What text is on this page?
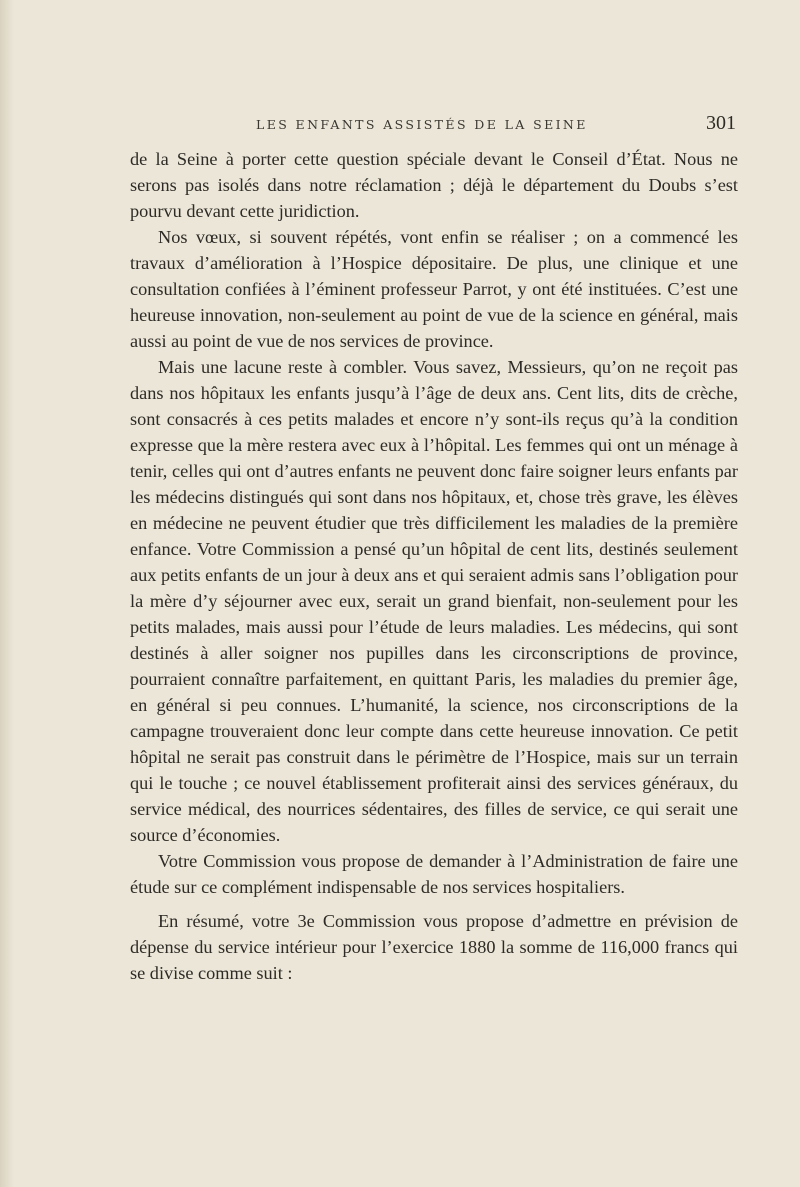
LES ENFANTS ASSISTÉS DE LA SEINE	301

de la Seine à porter cette question spéciale devant le Conseil d’État. Nous ne serons pas isolés dans notre réclamation ; déjà le département du Doubs s’est pourvu devant cette juridiction.

Nos vœux, si souvent répétés, vont enfin se réaliser ; on a commencé les travaux d’amélioration à l’Hospice dépositaire. De plus, une clinique et une consultation confiées à l’éminent professeur Parrot, y ont été instituées. C’est une heureuse innovation, non-seulement au point de vue de la science en général, mais aussi au point de vue de nos services de province.

Mais une lacune reste à combler. Vous savez, Messieurs, qu’on ne reçoit pas dans nos hôpitaux les enfants jusqu’à l’âge de deux ans. Cent lits, dits de crèche, sont consacrés à ces petits malades et encore n’y sont-ils reçus qu’à la condition expresse que la mère restera avec eux à l’hôpital. Les femmes qui ont un ménage à tenir, celles qui ont d’autres enfants ne peuvent donc faire soigner leurs enfants par les médecins distingués qui sont dans nos hôpitaux, et, chose très grave, les élèves en médecine ne peuvent étudier que très difficilement les maladies de la première enfance. Votre Commission a pensé qu’un hôpital de cent lits, destinés seulement aux petits enfants de un jour à deux ans et qui seraient admis sans l’obligation pour la mère d’y séjourner avec eux, serait un grand bienfait, non-seulement pour les petits malades, mais aussi pour l’étude de leurs maladies. Les médecins, qui sont destinés à aller soigner nos pupilles dans les circonscriptions de province, pourraient connaître parfaitement, en quittant Paris, les maladies du premier âge, en général si peu connues. L’humanité, la science, nos circonscriptions de la campagne trouveraient donc leur compte dans cette heureuse innovation. Ce petit hôpital ne serait pas construit dans le périmètre de l’Hospice, mais sur un terrain qui le touche ; ce nouvel établissement profiterait ainsi des services généraux, du service médical, des nourrices sédentaires, des filles de service, ce qui serait une source d’économies.

Votre Commission vous propose de demander à l’Administration de faire une étude sur ce complément indispensable de nos services hospitaliers.

En résumé, votre 3e Commission vous propose d’admettre en prévision de dépense du service intérieur pour l’exercice 1880 la somme de 116,000 francs qui se divise comme suit :
